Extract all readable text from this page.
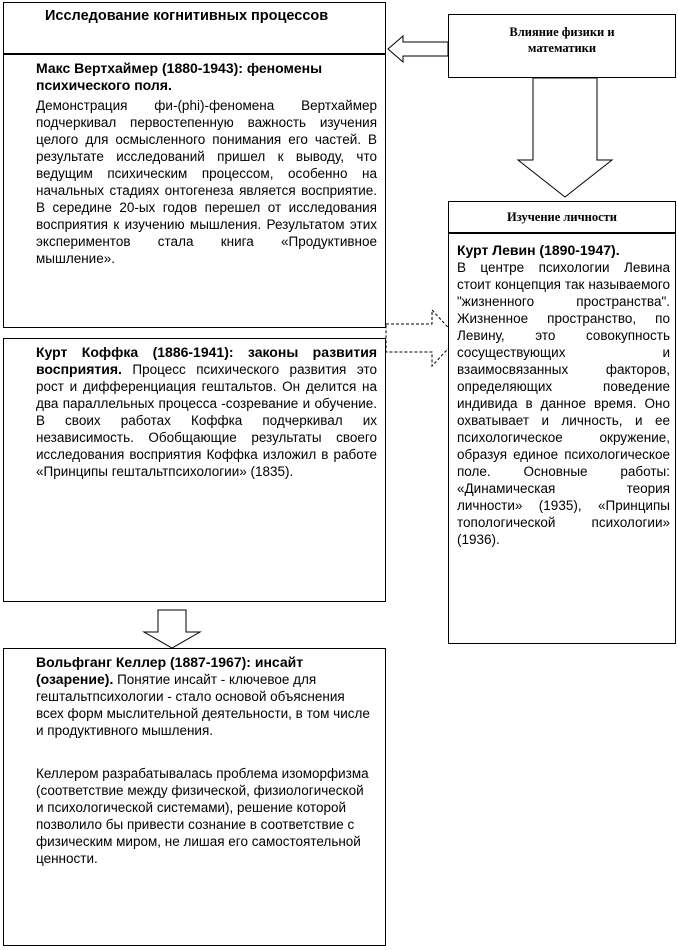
Исследование когнитивных процессов
Влияние физики и
математики
Макс Вертхаймер (1880-1943): феномены психического поля.
Демонстрация фи-(phi)-феномена Вертхаймер подчеркивал первостепенную важность изучения целого для осмысленного понимания его частей. В результате исследований пришел к выводу, что ведущим психическим процессом, особенно на начальных стадиях онтогенеза является восприятие. В середине 20-ых годов перешел от исследования восприятия к изучению мышления. Результатом этих экспериментов стала книга «Продуктивное мышление».
Курт Коффка (1886-1941): законы развития восприятия. Процесс психического развития это рост и дифференциация гештальтов. Он делится на два параллельных процесса -созревание и обучение. В своих работах Коффка подчеркивал их независимость. Обобщающие результаты своего исследования восприятия Коффка изложил в работе «Принципы гештальтпсихологии» (1835).
Вольфганг Келлер (1887-1967): инсайт (озарение). Понятие инсайт - ключевое для гештальтпсихологии - стало основой объяснения всех форм мыслительной деятельности, в том числе и продуктивного мышления.
Келлером разрабатывалась проблема изоморфизма (соответствие между физической, физиологической и психологической системами), решение которой позволило бы привести сознание в соответствие с физическим миром, не лишая его самостоятельной ценности.
Изучение личности
Курт Левин (1890-1947).
В центре психологии Левина стоит концепция так называемого "жизненного пространства". Жизненное пространство, по Левину, это совокупность сосуществующих и взаимосвязанных факторов, определяющих поведение индивида в данное время. Оно охватывает и личность, и ее психологическое окружение, образуя единое психологическое поле. Основные работы: «Динамическая теория личности» (1935), «Принципы топологической психологии» (1936).
